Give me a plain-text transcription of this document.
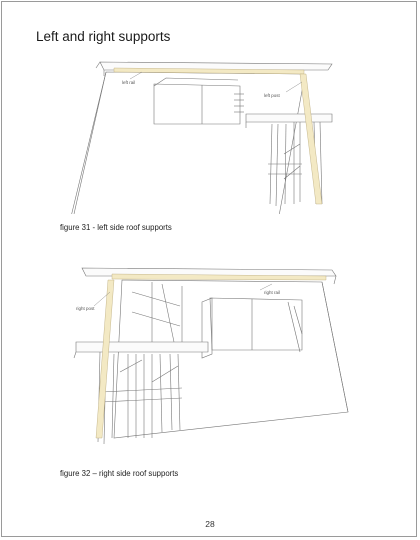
Left and right supports
left rail
left post
figure 31 - left side roof supports
right post
right rail
figure 32 – right side roof supports
28
